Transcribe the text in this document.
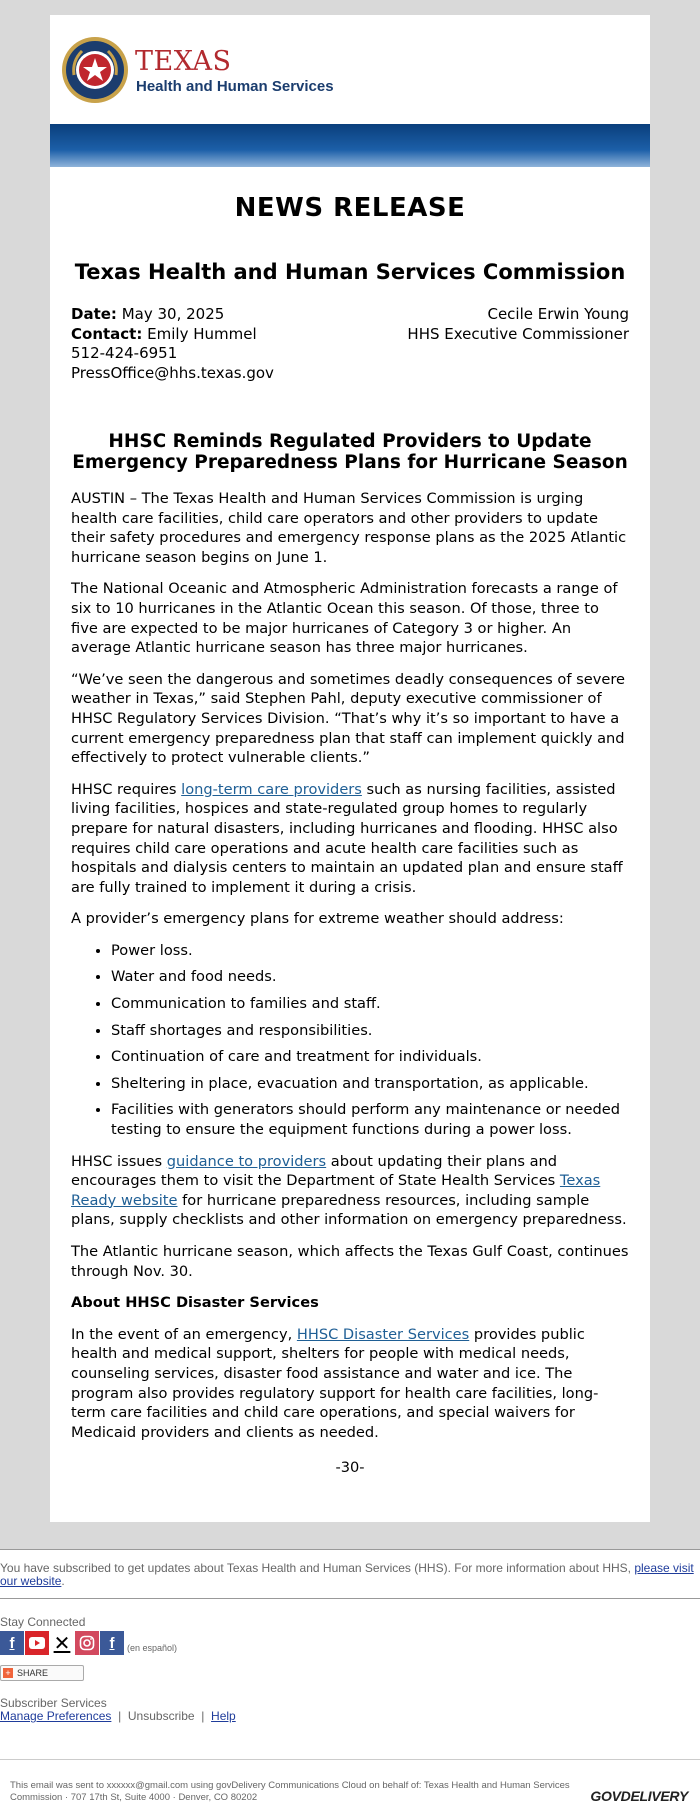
TEXAS
Health and Human Services
NEWS RELEASE
Texas Health and Human Services Commission
Date: May 30, 2025
Contact: Emily Hummel
512-424-6951
PressOffice@hhs.texas.gov
Cecile Erwin Young
HHS Executive Commissioner
HHSC Reminds Regulated Providers to Update Emergency Preparedness Plans for Hurricane Season

AUSTIN – The Texas Health and Human Services Commission is urging health care facilities, child care operators and other providers to update their safety procedures and emergency response plans as the 2025 Atlantic hurricane season begins on June 1.

The National Oceanic and Atmospheric Administration forecasts a range of six to 10 hurricanes in the Atlantic Ocean this season. Of those, three to five are expected to be major hurricanes of Category 3 or higher. An average Atlantic hurricane season has three major hurricanes.

“We’ve seen the dangerous and sometimes deadly consequences of severe weather in Texas,” said Stephen Pahl, deputy executive commissioner of HHSC Regulatory Services Division. “That’s why it’s so important to have a current emergency preparedness plan that staff can implement quickly and effectively to protect vulnerable clients.”

HHSC requires long-term care providers such as nursing facilities, assisted living facilities, hospices and state-regulated group homes to regularly prepare for natural disasters, including hurricanes and flooding. HHSC also requires child care operations and acute health care facilities such as hospitals and dialysis centers to maintain an updated plan and ensure staff are fully trained to implement it during a crisis.

A provider’s emergency plans for extreme weather should address:

• Power loss.
• Water and food needs.
• Communication to families and staff.
• Staff shortages and responsibilities.
• Continuation of care and treatment for individuals.
• Sheltering in place, evacuation and transportation, as applicable.
• Facilities with generators should perform any maintenance or needed testing to ensure the equipment functions during a power loss.

HHSC issues guidance to providers about updating their plans and encourages them to visit the Department of State Health Services Texas Ready website for hurricane preparedness resources, including sample plans, supply checklists and other information on emergency preparedness.

The Atlantic hurricane season, which affects the Texas Gulf Coast, continues through Nov. 30.

About HHSC Disaster Services

In the event of an emergency, HHSC Disaster Services provides public health and medical support, shelters for people with medical needs, counseling services, disaster food assistance and water and ice. The program also provides regulatory support for health care facilities, long-term care facilities and child care operations, and special waivers for Medicaid providers and clients as needed.

-30-
You have subscribed to get updates about Texas Health and Human Services (HHS). For more information about HHS, please visit our website.
Stay Connected
f	✕	f	(en español)
+ SHARE
Subscriber Services
Manage Preferences | Unsubscribe | Help
This email was sent to xxxxxx@gmail.com using govDelivery Communications Cloud on behalf of: Texas Health and Human Services Commission · 707 17th St, Suite 4000 · Denver, CO 80202	GOVDELIVERY
